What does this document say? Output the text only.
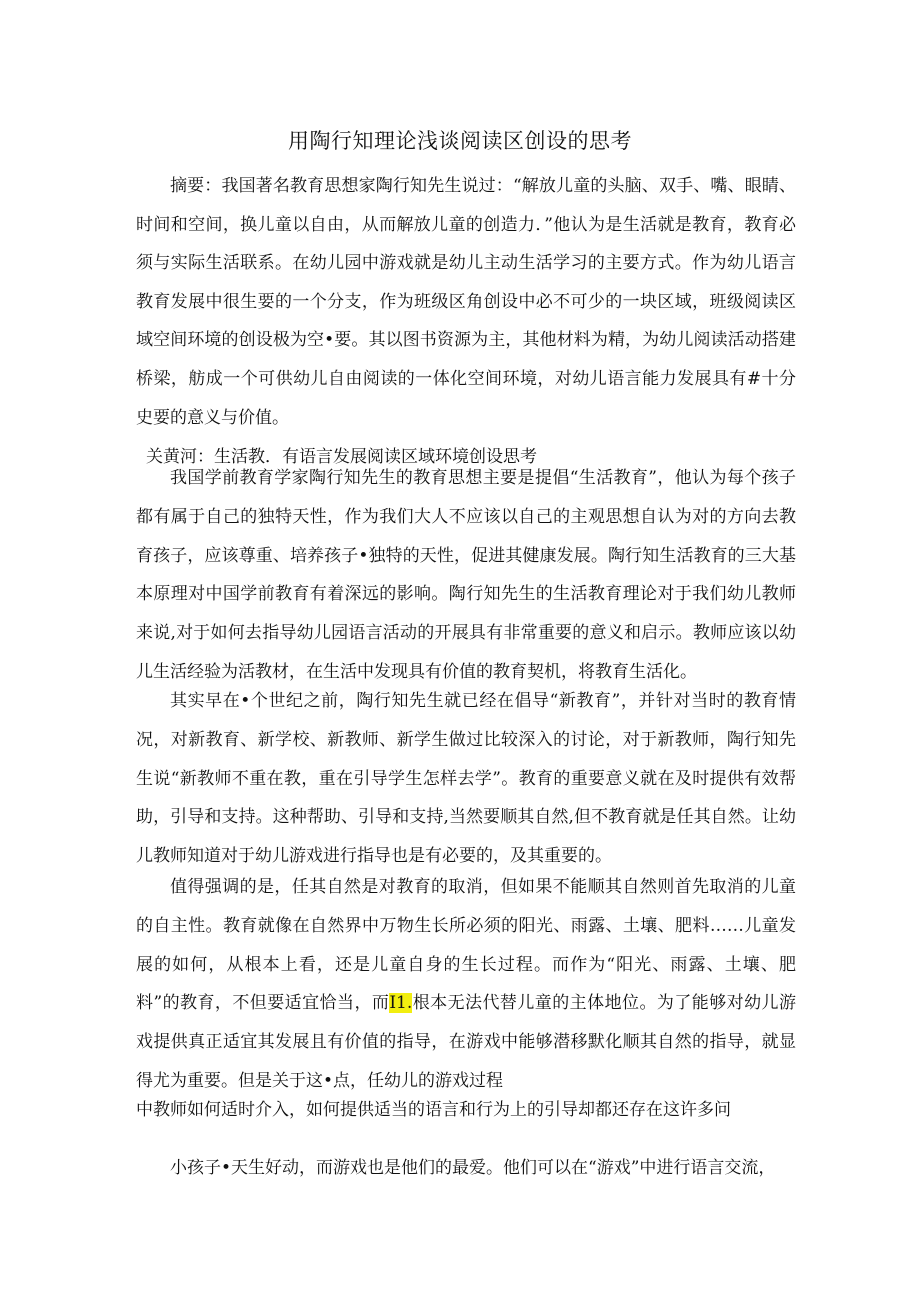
用陶行知理论浅谈阅读区创设的思考

摘要：我国著名教育思想家陶行知先生说过：“解放儿童的头脑、双手、嘴、眼睛、时间和空间，换儿童以自由，从而解放儿童的创造力．”他认为是生活就是教育，教育必须与实际生活联系。在幼儿园中游戏就是幼儿主动生活学习的主要方式。作为幼儿语言教育发展中很生要的一个分支，作为班级区角创设中必不可少的一块区域，班级阅读区域空间环境的创设极为空•要。其以图书资源为主，其他材料为精，为幼儿阅读活动搭建桥梁，舫成一个可供幼儿自由阅读的一体化空间环境，对幼儿语言能力发展具有#十分史要的意义与价值。

关黄河：生活教．有语言发展阅读区域环境创设思考

我国学前教育学家陶行知先生的教育思想主要是提倡“生活教育”，他认为每个孩子都有属于自己的独特天性，作为我们大人不应该以自己的主观思想自认为对的方向去教育孩子，应该尊重、培养孩子•独特的天性，促进其健康发展。陶行知生活教育的三大基本原理对中国学前教育有着深远的影响。陶行知先生的生活教育理论对于我们幼儿教师来说,对于如何去指导幼儿园语言活动的开展具有非常重要的意义和启示。教师应该以幼儿生活经验为活教材，在生活中发现具有价值的教育契机，将教育生活化。

其实早在•个世纪之前，陶行知先生就已经在倡导“新教育”，并针对当时的教育情况，对新教育、新学校、新教师、新学生做过比较深入的讨论，对于新教师，陶行知先生说“新教师不重在教，重在引导学生怎样去学”。教育的重要意义就在及时提供有效帮助，引导和支持。这种帮助、引导和支持,当然要顺其自然,但不教育就是任其自然。让幼儿教师知道对于幼儿游戏进行指导也是有必要的，及其重要的。

值得强调的是，任其自然是对教育的取消，但如果不能顺其自然则首先取消的儿童的自主性。教育就像在自然界中万物生长所必须的阳光、雨露、土壤、肥料……儿童发展的如何，从根本上看，还是儿童自身的生长过程。而作为“阳光、雨露、土壤、肥料”的教育，不但要适宜恰当，而I1.根本无法代替儿童的主体地位。为了能够对幼儿游戏提供真正适宜其发展且有价值的指导，在游戏中能够潜移默化顺其自然的指导，就显得尤为重要。但是关于这•点，任幼儿的游戏过程

中教师如何适时介入，如何提供适当的语言和行为上的引导却都还存在这许多问

小孩子•天生好动，而游戏也是他们的最爱。他们可以在“游戏”中进行语言交流，
